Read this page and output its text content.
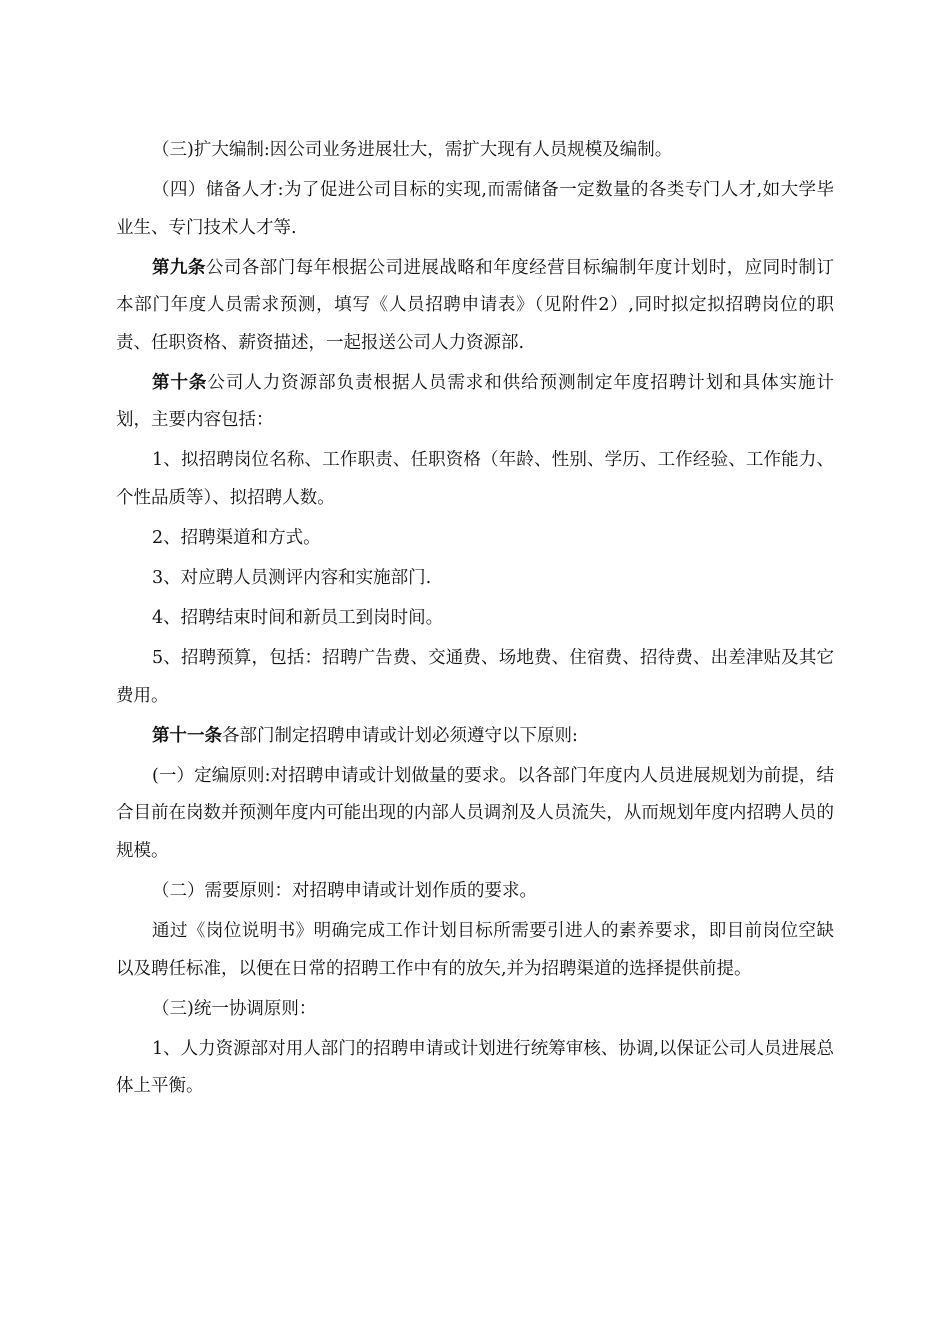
（三)扩大编制:因公司业务进展壮大，需扩大现有人员规模及编制。

（四）储备人才:为了促进公司目标的实现,而需储备一定数量的各类专门人才,如大学毕业生、专门技术人才等.

第九条公司各部门每年根据公司进展战略和年度经营目标编制年度计划时，应同时制订本部门年度人员需求预测，填写《人员招聘申请表》（见附件2）,同时拟定拟招聘岗位的职责、任职资格、薪资描述，一起报送公司人力资源部.

第十条公司人力资源部负责根据人员需求和供给预测制定年度招聘计划和具体实施计划，主要内容包括：

1、拟招聘岗位名称、工作职责、任职资格（年龄、性别、学历、工作经验、工作能力、个性品质等）、拟招聘人数。

2、招聘渠道和方式。

3、对应聘人员测评内容和实施部门.

4、招聘结束时间和新员工到岗时间。

5、招聘预算，包括：招聘广告费、交通费、场地费、住宿费、招待费、出差津贴及其它费用。

第十一条各部门制定招聘申请或计划必须遵守以下原则:

(一）定编原则:对招聘申请或计划做量的要求。以各部门年度内人员进展规划为前提，结合目前在岗数并预测年度内可能出现的内部人员调剂及人员流失，从而规划年度内招聘人员的规模。

（二）需要原则：对招聘申请或计划作质的要求。

通过《岗位说明书》明确完成工作计划目标所需要引进人的素养要求，即目前岗位空缺以及聘任标准，以便在日常的招聘工作中有的放矢,并为招聘渠道的选择提供前提。

（三)统一协调原则：

1、人力资源部对用人部门的招聘申请或计划进行统筹审核、协调,以保证公司人员进展总体上平衡。
